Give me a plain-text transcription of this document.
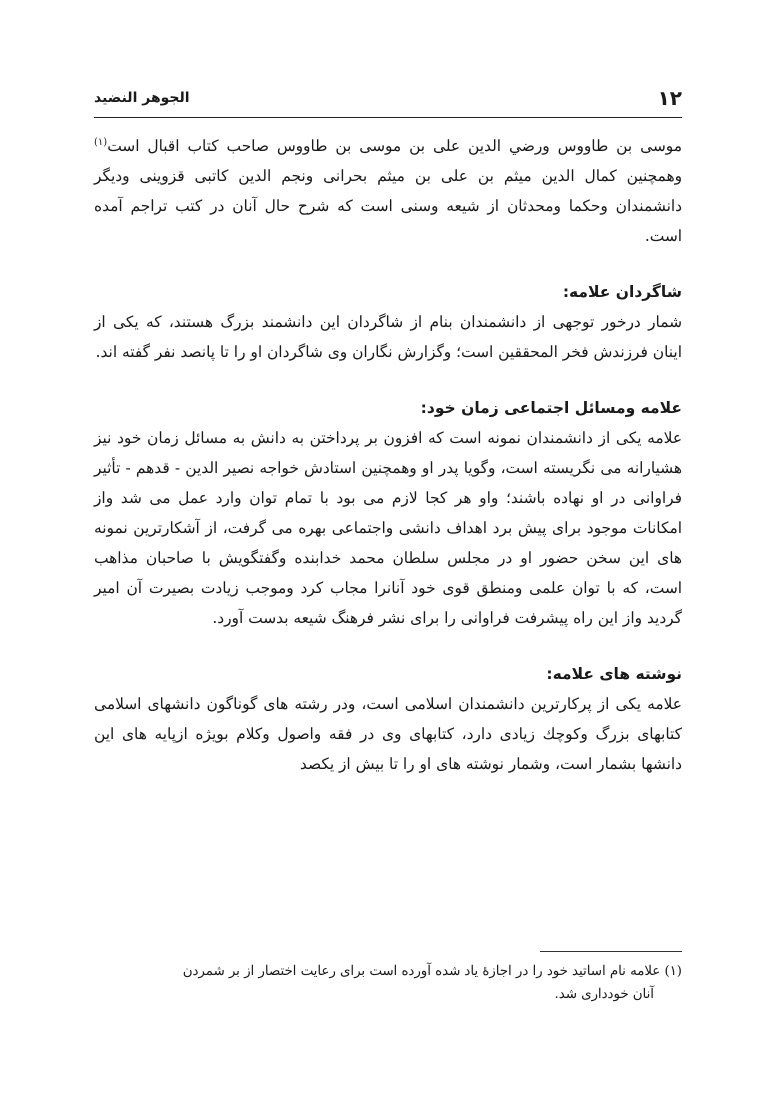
١٢
الجوهر النضيد

موسى بن طاووس ورضي الدين على بن موسى بن طاووس صاحب كتاب اقبال است$^{(١)}$ وهمچنين كمال الدين ميثم بن على بن ميثم بحرانى ونجم الدين كاتبى قزوينى وديگر دانشمندان وحكما ومحدثان از شيعه وسنى است كه شرح حال آنان در كتب تراجم آمده است.

شاگردان علامه:

شمار درخور توجهى از دانشمندان بنام از شاگردان اين دانشمند بزرگ هستند، كه يكى از اينان فرزندش فخر المحققين است؛ وگزارش نگاران وى شاگردان او را تا پانصد نفر گفته اند.

علامه ومسائل اجتماعى زمان خود:

علامه يكى از دانشمندان نمونه است كه افزون بر پرداختن به دانش به مسائل زمان خود نيز هشيارانه مى نگريسته است، وگويا پدر او وهمچنين استادش خواجه نصير الدين - قدهم - تأثير فراوانى در او نهاده باشند؛ واو هر كجا لازم مى بود با تمام توان وارد عمل مى شد واز امكانات موجود براى پيش برد اهداف دانشى واجتماعى بهره مى گرفت، از آشكارترين نمونه هاى اين سخن حضور او در مجلس سلطان محمد خدابنده وگفتگويش با صاحبان مذاهب است، كه با توان علمى ومنطق قوى خود آنانرا مجاب كرد وموجب زيادت بصيرت آن امير گرديد واز اين راه پيشرفت فراوانى را براى نشر فرهنگ شيعه بدست آورد.

نوشته هاى علامه:

علامه يكى از پركارترين دانشمندان اسلامى است، ودر رشته هاى گوناگون دانشهاى اسلامى كتابهاى بزرگ وكوچك زيادى دارد، كتابهاى وى در فقه واصول وكلام بويژه ازپايه هاى اين دانشها بشمار است، وشمار نوشته هاى او را تا بيش از يكصد

(١) علامه نام اساتيد خود را در اجازۀ ياد شده آورده است براى رعايت اختصار از بر شمردن

آنان خوددارى شد.
